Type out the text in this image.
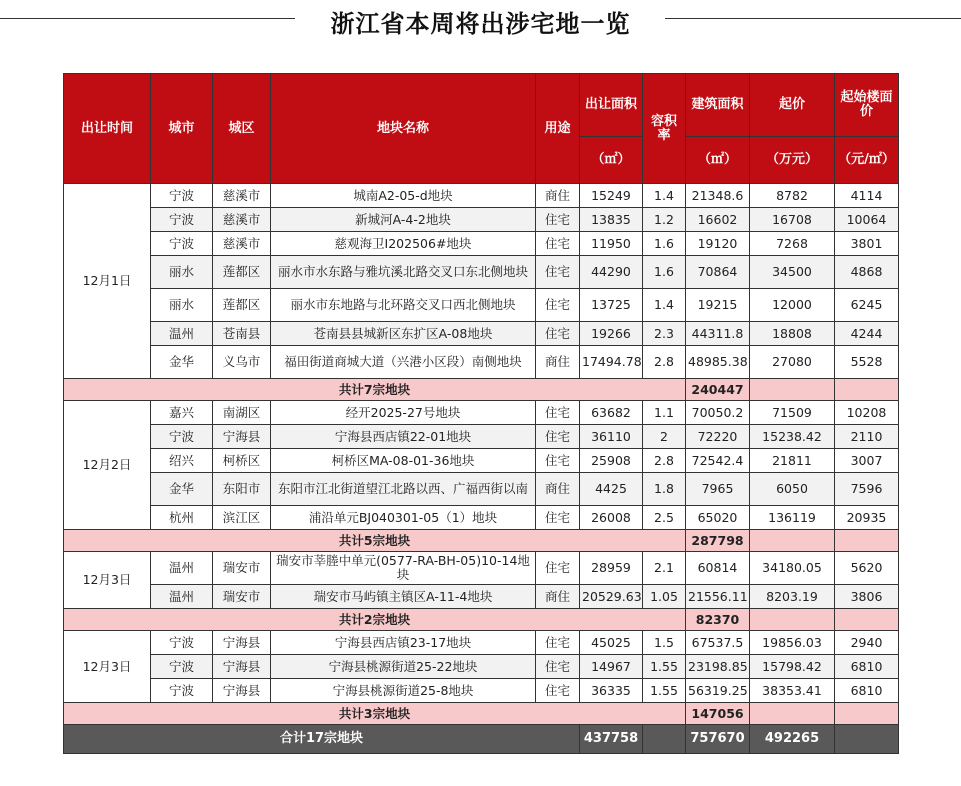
浙江省本周将出涉宅地一览
出让时间	城市	城区	地块名称	用途	出让面积	容积率	建筑面积	起价	起始楼面价
					（㎡）		（㎡）	（万元）	（元/㎡）
12月1日	宁波	慈溪市	城南A2-05-d地块	商住	15249	1.4	21348.6	8782	4114
	宁波	慈溪市	新城河A-4-2地块	住宅	13835	1.2	16602	16708	10064
	宁波	慈溪市	慈观海卫Ⅰ202506#地块	住宅	11950	1.6	19120	7268	3801
	丽水	莲都区	丽水市水东路与雅坑溪北路交叉口东北侧地块	住宅	44290	1.6	70864	34500	4868
	丽水	莲都区	丽水市东地路与北环路交叉口西北侧地块	住宅	13725	1.4	19215	12000	6245
	温州	苍南县	苍南县县城新区东扩区A-08地块	住宅	19266	2.3	44311.8	18808	4244
	金华	义乌市	福田街道商城大道（兴港小区段）南侧地块	商住	17494.78	2.8	48985.38	27080	5528
共计7宗地块							240447		
12月2日	嘉兴	南湖区	经开2025-27号地块	住宅	63682	1.1	70050.2	71509	10208
	宁波	宁海县	宁海县西店镇22-01地块	住宅	36110	2	72220	15238.42	2110
	绍兴	柯桥区	柯桥区MA-08-01-36地块	住宅	25908	2.8	72542.4	21811	3007
	金华	东阳市	东阳市江北街道望江北路以西、广福西街以南	商住	4425	1.8	7965	6050	7596
	杭州	滨江区	浦沿单元BJ040301-05（1）地块	住宅	26008	2.5	65020	136119	20935
共计5宗地块							287798		
12月3日	温州	瑞安市	瑞安市莘塍中单元(0577-RA-BH-05)10-14地块	住宅	28959	2.1	60814	34180.05	5620
	温州	瑞安市	瑞安市马屿镇主镇区A-11-4地块	商住	20529.63	1.05	21556.11	8203.19	3806
共计2宗地块							82370		
12月3日	宁波	宁海县	宁海县西店镇23-17地块	住宅	45025	1.5	67537.5	19856.03	2940
	宁波	宁海县	宁海县桃源街道25-22地块	住宅	14967	1.55	23198.85	15798.42	6810
	宁波	宁海县	宁海县桃源街道25-8地块	住宅	36335	1.55	56319.25	38353.41	6810
共计3宗地块							147056		
合计17宗地块					437758		757670	492265	
